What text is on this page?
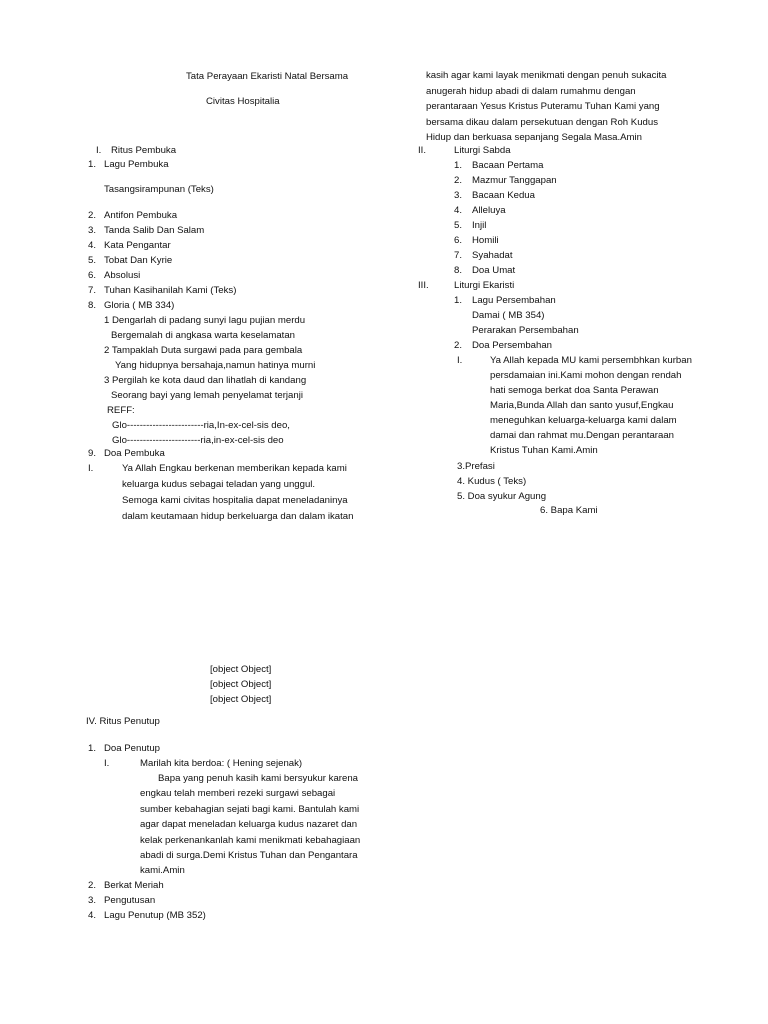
Tata Perayaan Ekaristi Natal Bersama
Civitas Hospitalia
I. Ritus Pembuka
1. Lagu Pembuka
Tasangsirampunan (Teks)
2. Antifon Pembuka
3. Tanda Salib Dan Salam
4. Kata Pengantar
5. Tobat Dan Kyrie
6. Absolusi
7. Tuhan Kasihanilah Kami (Teks)
8. Gloria ( MB 334)
1 Dengarlah di padang sunyi lagu pujian merdu
Bergemalah di angkasa warta keselamatan
2 Tampaklah Duta surgawi pada para gembala
Yang hidupnya bersahaja,namun hatinya murni
3 Pergilah ke kota daud dan lihatlah di kandang
Seorang bayi yang lemah penyelamat terjanji
REFF:
Glo------------------------ria,In-ex-cel-sis deo,
Glo-----------------------ria,in-ex-cel-sis deo
9. Doa Pembuka
I.	Ya Allah Engkau berkenan memberikan kepada kami
keluarga kudus sebagai teladan yang unggul.
Semoga kami civitas hospitalia dapat meneladaninya
dalam keutamaan hidup berkeluarga dan dalam ikatan
kasih agar kami layak menikmati dengan penuh sukacita
anugerah hidup abadi di dalam rumahmu dengan
perantaraan Yesus Kristus Puteramu Tuhan Kami yang
bersama dikau dalam persekutuan dengan Roh Kudus
Hidup dan berkuasa sepanjang Segala Masa.Amin
II.	Liturgi Sabda
1. Bacaan Pertama
2. Mazmur Tanggapan
3. Bacaan Kedua
4. Alleluya
5. Injil
6. Homili
7. Syahadat
8. Doa Umat
III.	Liturgi Ekaristi
1. Lagu Persembahan
Damai ( MB 354)
Perarakan Persembahan
2. Doa Persembahan
I.	Ya Allah kepada MU kami persembhkan kurban
persdamaian ini.Kami mohon dengan rendah
hati semoga berkat doa Santa Perawan
Maria,Bunda Allah dan santo yusuf,Engkau
meneguhkan keluarga-keluarga kami dalam
damai dan rahmat mu.Dengan perantaraan
Kristus Tuhan Kami.Amin
3.Prefasi
4. Kudus ( Teks)
5. Doa syukur Agung
6. Bapa Kami
[object Object]
[object Object]
[object Object]
IV. Ritus Penutup
1. Doa Penutup
I.	Marilah kita berdoa: ( Hening sejenak)
Bapa yang penuh kasih kami bersyukur karena
engkau telah memberi rezeki surgawi sebagai
sumber kebahagian sejati bagi kami. Bantulah kami
agar dapat meneladan keluarga kudus nazaret dan
kelak perkenankanlah kami menikmati kebahagiaan
abadi di surga.Demi Kristus Tuhan dan Pengantara
kami.Amin
2. Berkat Meriah
3. Pengutusan
4. Lagu Penutup (MB 352)
